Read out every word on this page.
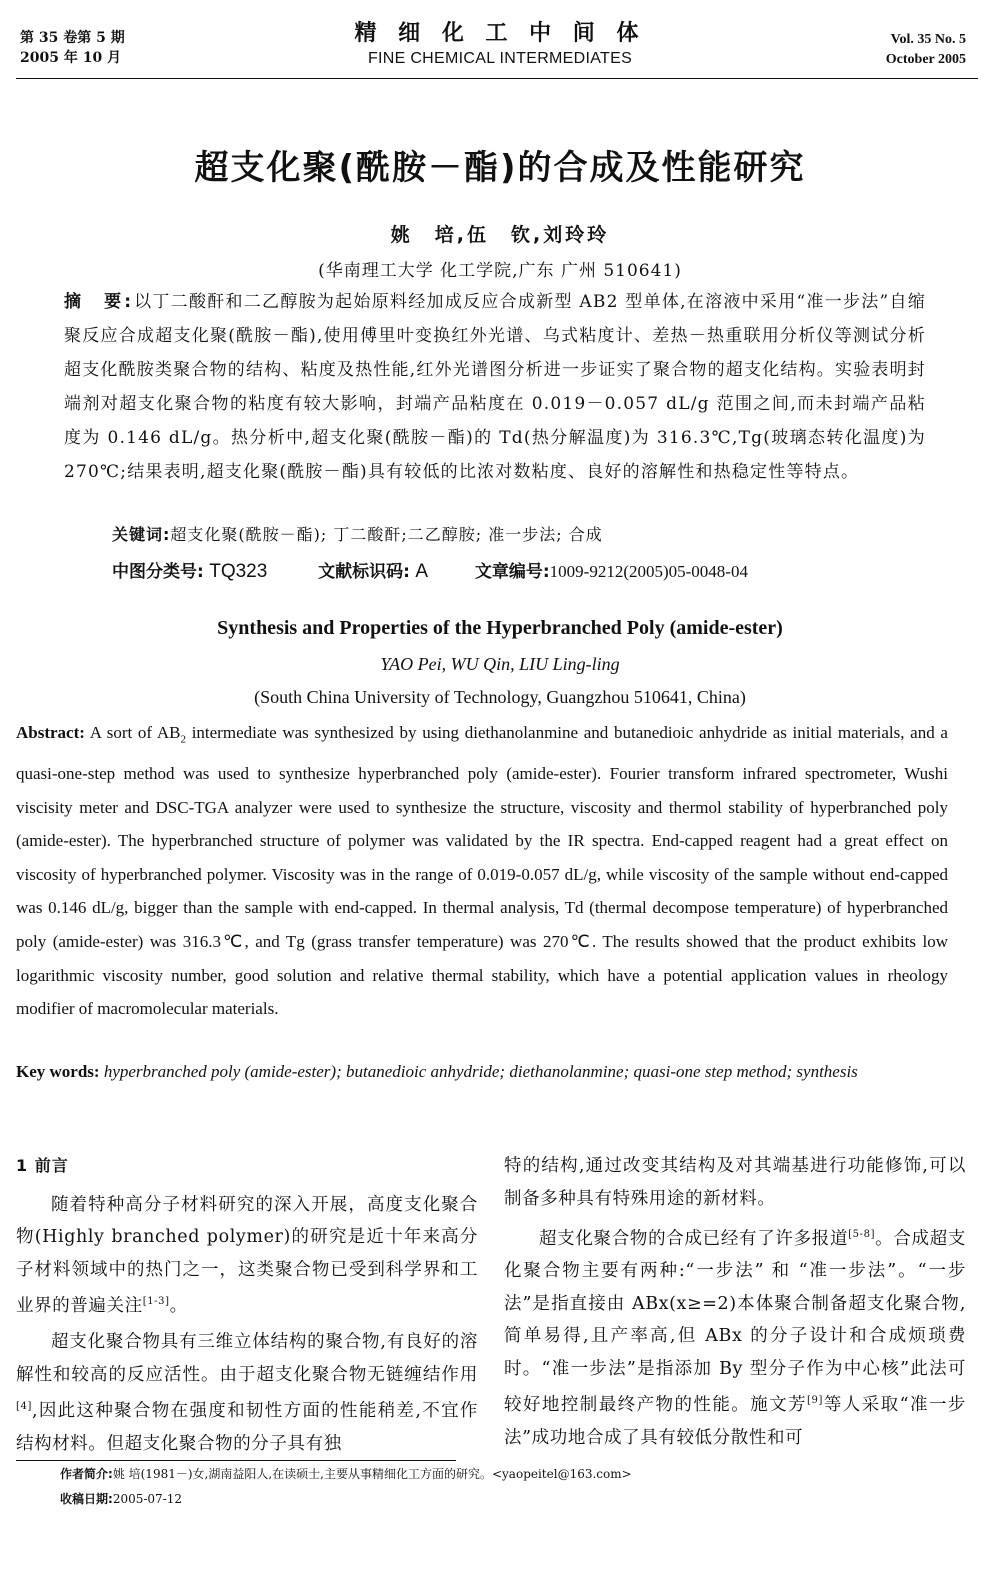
第 35 卷第 5 期
2005 年 10 月
精 细 化 工 中 间 体
FINE CHEMICAL INTERMEDIATES
Vol. 35 No. 5
October 2005
超支化聚(酰胺－酯)的合成及性能研究
姚　培,伍　钦,刘玲玲
(华南理工大学 化工学院,广东 广州 510641)
摘　要:以丁二酸酐和二乙醇胺为起始原料经加成反应合成新型 AB2 型单体,在溶液中采用“准一步法”自缩聚反应合成超支化聚(酰胺－酯),使用傅里叶变换红外光谱、乌式粘度计、差热－热重联用分析仪等测试分析超支化酰胺类聚合物的结构、粘度及热性能,红外光谱图分析进一步证实了聚合物的超支化结构。实验表明封端剂对超支化聚合物的粘度有较大影响，封端产品粘度在 0.019－0.057 dL/g 范围之间,而未封端产品粘度为 0.146 dL/g。热分析中,超支化聚(酰胺－酯)的 Td(热分解温度)为 316.3℃,Tg(玻璃态转化温度)为 270℃;结果表明,超支化聚(酰胺－酯)具有较低的比浓对数粘度、良好的溶解性和热稳定性等特点。
关键词:超支化聚(酰胺－酯); 丁二酸酐;二乙醇胺; 准一步法; 合成
中图分类号: TQ323	文献标识码: A	文章编号:1009-9212(2005)05-0048-04
Synthesis and Properties of the Hyperbranched Poly (amide-ester)
YAO Pei, WU Qin, LIU Ling-ling
(South China University of Technology, Guangzhou 510641, China)
Abstract: A sort of $AB_2$ intermediate was synthesized by using diethanolanmine and butanedioic anhydride as initial materials, and a quasi-one-step method was used to synthesize hyperbranched poly (amide-ester). Fourier transform infrared spectrometer, Wushi viscisity meter and DSC-TGA analyzer were used to synthesize the structure, viscosity and thermol stability of hyperbranched poly (amide-ester). The hyperbranched structure of polymer was validated by the IR spectra. End-capped reagent had a great effect on viscosity of hyperbranched polymer. Viscosity was in the range of 0.019-0.057 dL/g, while viscosity of the sample without end-capped was 0.146 dL/g, bigger than the sample with end-capped. In thermal analysis, Td (thermal decompose temperature) of hyperbranched poly (amide-ester) was 316.3℃, and Tg (grass transfer temperature) was 270℃. The results showed that the product exhibits low logarithmic viscosity number, good solution and relative thermal stability, which have a potential application values in rheology modifier of macromolecular materials.
Key words: hyperbranched poly (amide-ester); butanedioic anhydride; diethanolanmine; quasi-one step method; synthesis
1 前言

随着特种高分子材料研究的深入开展，高度支化聚合物(Highly branched polymer)的研究是近十年来高分子材料领域中的热门之一，这类聚合物已受到科学界和工业界的普遍关注[1-3]。

超支化聚合物具有三维立体结构的聚合物,有良好的溶解性和较高的反应活性。由于超支化聚合物无链缠结作用[4],因此这种聚合物在强度和韧性方面的性能稍差,不宜作结构材料。但超支化聚合物的分子具有独

特的结构,通过改变其结构及对其端基进行功能修饰,可以制备多种具有特殊用途的新材料。

超支化聚合物的合成已经有了许多报道[5-8]。合成超支化聚合物主要有两种:“一步法” 和 “准一步法”。“一步法”是指直接由 ABx(x≥=2)本体聚合制备超支化聚合物,简单易得,且产率高,但 ABx 的分子设计和合成烦琐费时。“准一步法”是指添加 By 型分子作为中心核”此法可较好地控制最终产物的性能。施文芳[9]等人采取“准一步法”成功地合成了具有较低分散性和可

作者简介:姚 培(1981－)女,湖南益阳人,在读硕士,主要从事精细化工方面的研究。<yaopeitel@163.com>
收稿日期:2005-07-12
